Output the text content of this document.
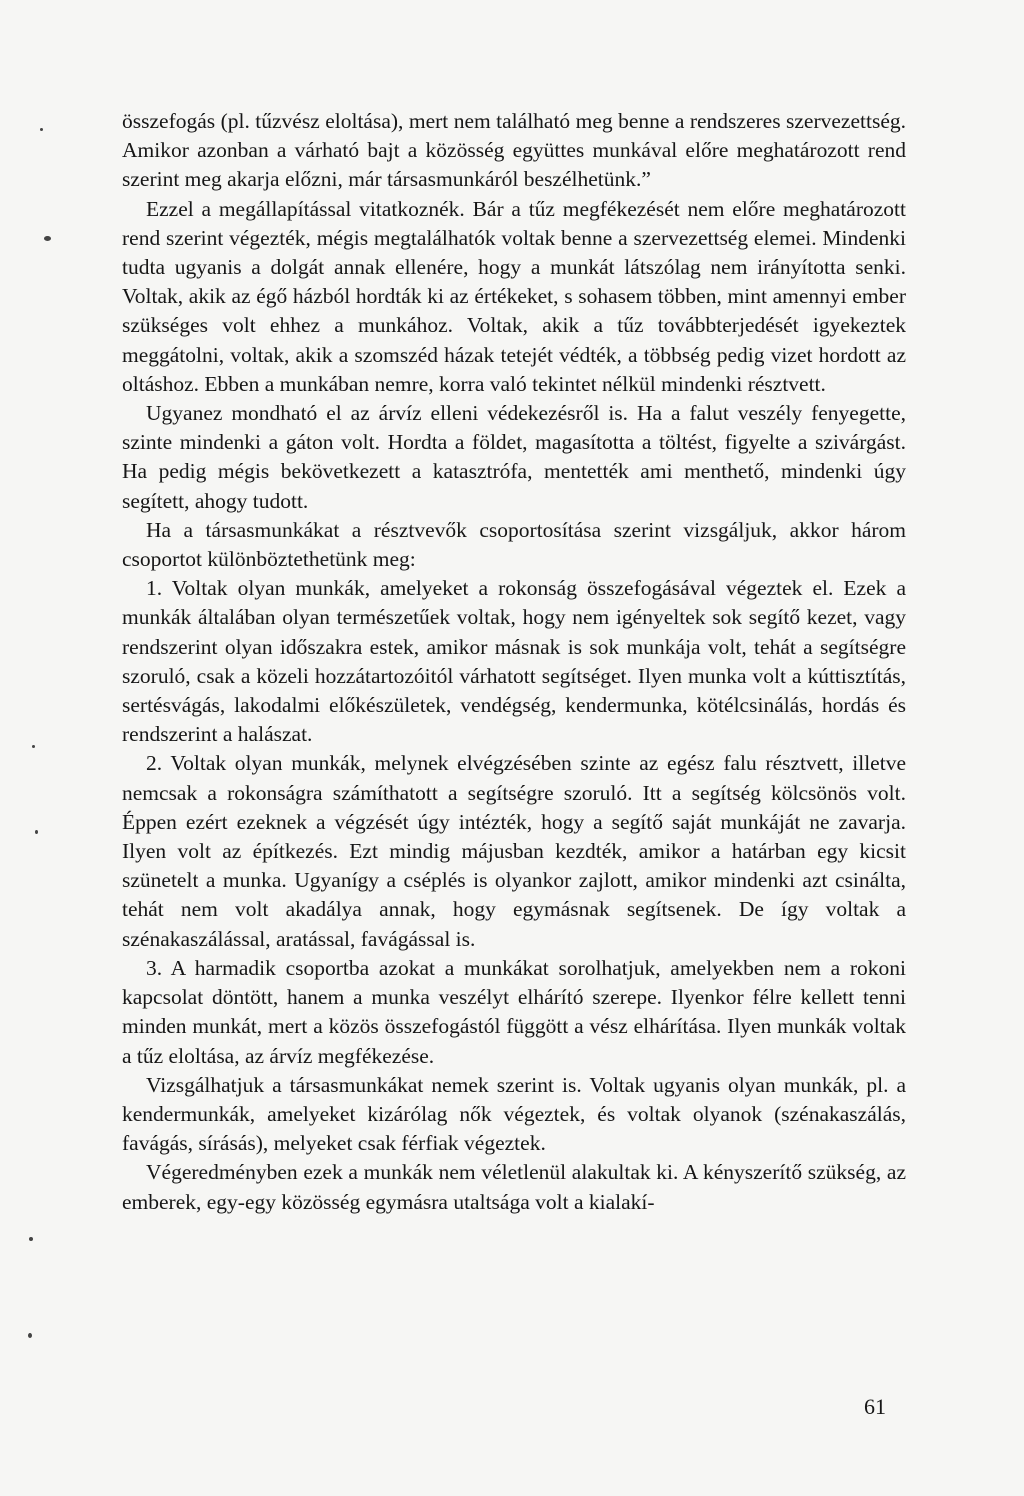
összefogás (pl. tűzvész eloltása), mert nem található meg benne a rendszeres szervezettség. Amikor azonban a várható bajt a közösség együttes munkával előre meghatározott rend szerint meg akarja előzni, már társasmunkáról beszélhetünk.”

Ezzel a megállapítással vitatkoznék. Bár a tűz megfékezését nem előre meghatározott rend szerint végezték, mégis megtalálhatók voltak benne a szervezettség elemei. Mindenki tudta ugyanis a dolgát annak ellenére, hogy a munkát látszólag nem irányította senki. Voltak, akik az égő házból hordták ki az értékeket, s sohasem többen, mint amennyi ember szükséges volt ehhez a munkához. Voltak, akik a tűz továbbterjedését igyekeztek meggátolni, voltak, akik a szomszéd házak tetejét védték, a többség pedig vizet hordott az oltáshoz. Ebben a munkában nemre, korra való tekintet nélkül mindenki résztvett.

Ugyanez mondható el az árvíz elleni védekezésről is. Ha a falut veszély fenyegette, szinte mindenki a gáton volt. Hordta a földet, magasította a töltést, figyelte a szivárgást. Ha pedig mégis bekövetkezett a katasztrófa, mentették ami menthető, mindenki úgy segített, ahogy tudott.

Ha a társasmunkákat a résztvevők csoportosítása szerint vizsgáljuk, akkor három csoportot különböztethetünk meg:

1. Voltak olyan munkák, amelyeket a rokonság összefogásával végeztek el. Ezek a munkák általában olyan természetűek voltak, hogy nem igényeltek sok segítő kezet, vagy rendszerint olyan időszakra estek, amikor másnak is sok munkája volt, tehát a segítségre szoruló, csak a közeli hozzátartozóitól várhatott segítséget. Ilyen munka volt a kúttisztítás, sertésvágás, lakodalmi előkészületek, vendégség, kendermunka, kötélcsinálás, hordás és rendszerint a halászat.

2. Voltak olyan munkák, melynek elvégzésében szinte az egész falu résztvett, illetve nemcsak a rokonságra számíthatott a segítségre szoruló. Itt a segítség kölcsönös volt. Éppen ezért ezeknek a végzését úgy intézték, hogy a segítő saját munkáját ne zavarja. Ilyen volt az építkezés. Ezt mindig májusban kezdték, amikor a határban egy kicsit szünetelt a munka. Ugyanígy a cséplés is olyankor zajlott, amikor mindenki azt csinálta, tehát nem volt akadálya annak, hogy egymásnak segítsenek. De így voltak a szénakaszálással, aratással, favágással is.

3. A harmadik csoportba azokat a munkákat sorolhatjuk, amelyekben nem a rokoni kapcsolat döntött, hanem a munka veszélyt elhárító szerepe. Ilyenkor félre kellett tenni minden munkát, mert a közös összefogástól függött a vész elhárítása. Ilyen munkák voltak a tűz eloltása, az árvíz megfékezése.

Vizsgálhatjuk a társasmunkákat nemek szerint is. Voltak ugyanis olyan munkák, pl. a kendermunkák, amelyeket kizárólag nők végeztek, és voltak olyanok (szénakaszálás, favágás, sírásás), melyeket csak férfiak végeztek.

Végeredményben ezek a munkák nem véletlenül alakultak ki. A kényszerítő szükség, az emberek, egy-egy közösség egymásra utaltsága volt a kialakí-

61
